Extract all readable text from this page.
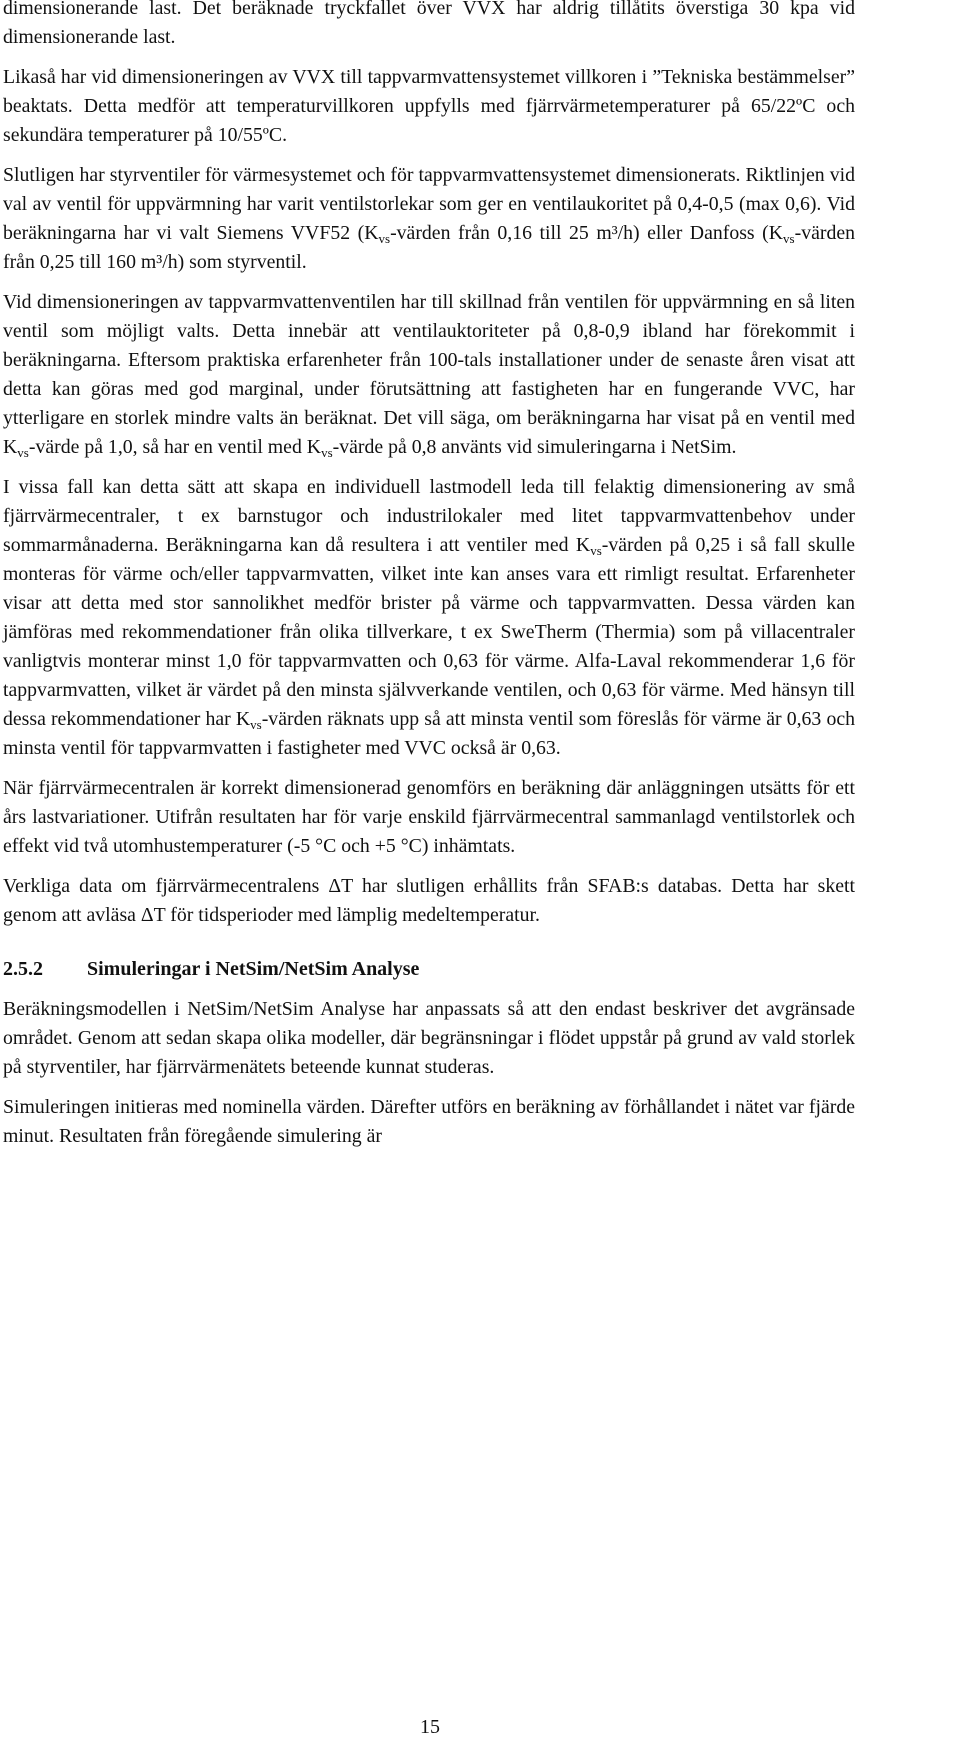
dimensionerande last. Det beräknade tryckfallet över VVX har aldrig tillåtits överstiga 30 kpa vid dimensionerande last.

Likaså har vid dimensioneringen av VVX till tappvarmvattensystemet villkoren i ”Tekniska bestämmelser” beaktats. Detta medför att temperaturvillkoren uppfylls med fjärrvärmetemperaturer på 65/22ºC och sekundära temperaturer på 10/55ºC.

Slutligen har styrventiler för värmesystemet och för tappvarmvattensystemet dimensionerats. Riktlinjen vid val av ventil för uppvärmning har varit ventilstorlekar som ger en ventilaukoritet på 0,4-0,5 (max 0,6). Vid beräkningarna har vi valt Siemens VVF52 ($K_{vs}$-värden från 0,16 till 25 m³/h) eller Danfoss ($K_{vs}$-värden från 0,25 till 160 m³/h) som styrventil.

Vid dimensioneringen av tappvarmvattenventilen har till skillnad från ventilen för uppvärmning en så liten ventil som möjligt valts. Detta innebär att ventilauktoriteter på 0,8-0,9 ibland har förekommit i beräkningarna. Eftersom praktiska erfarenheter från 100-tals installationer under de senaste åren visat att detta kan göras med god marginal, under förutsättning att fastigheten har en fungerande VVC, har ytterligare en storlek mindre valts än beräknat. Det vill säga, om beräkningarna har visat på en ventil med $K_{vs}$-värde på 1,0, så har en ventil med $K_{vs}$-värde på 0,8 använts vid simuleringarna i NetSim.

I vissa fall kan detta sätt att skapa en individuell lastmodell leda till felaktig dimensionering av små fjärrvärmecentraler, t ex barnstugor och industrilokaler med litet tappvarmvattenbehov under sommarmånaderna. Beräkningarna kan då resultera i att ventiler med $K_{vs}$-värden på 0,25 i så fall skulle monteras för värme och/eller tappvarmvatten, vilket inte kan anses vara ett rimligt resultat. Erfarenheter visar att detta med stor sannolikhet medför brister på värme och tappvarmvatten. Dessa värden kan jämföras med rekommendationer från olika tillverkare, t ex SweTherm (Thermia) som på villacentraler vanligtvis monterar minst 1,0 för tappvarmvatten och 0,63 för värme. Alfa-Laval rekommenderar 1,6 för tappvarmvatten, vilket är värdet på den minsta självverkande ventilen, och 0,63 för värme. Med hänsyn till dessa rekommendationer har $K_{vs}$-värden räknats upp så att minsta ventil som föreslås för värme är 0,63 och minsta ventil för tappvarmvatten i fastigheter med VVC också är 0,63.

När fjärrvärmecentralen är korrekt dimensionerad genomförs en beräkning där anläggningen utsätts för ett års lastvariationer. Utifrån resultaten har för varje enskild fjärrvärmecentral sammanlagd ventilstorlek och effekt vid två utomhustemperaturer (-5 °C och +5 °C) inhämtats.

Verkliga data om fjärrvärmecentralens ΔT har slutligen erhållits från SFAB:s databas. Detta har skett genom att avläsa ΔT för tidsperioder med lämplig medeltemperatur.

2.5.2 Simuleringar i NetSim/NetSim Analyse

Beräkningsmodellen i NetSim/NetSim Analyse har anpassats så att den endast beskriver det avgränsade området. Genom att sedan skapa olika modeller, där begränsningar i flödet uppstår på grund av vald storlek på styrventiler, har fjärrvärmenätets beteende kunnat studeras.

Simuleringen initieras med nominella värden. Därefter utförs en beräkning av förhållandet i nätet var fjärde minut. Resultaten från föregående simulering är

15
